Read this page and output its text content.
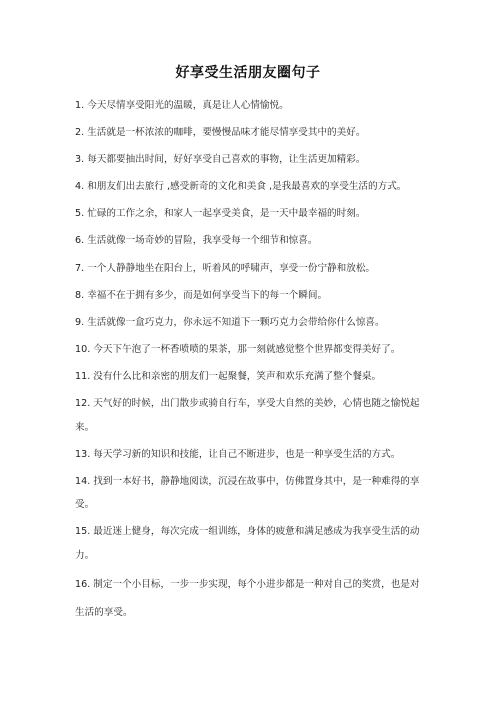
好享受生活朋友圈句子
1. 今天尽情享受阳光的温暖，真是让人心情愉悦。
2. 生活就是一杯浓浓的咖啡，要慢慢品味才能尽情享受其中的美好。
3. 每天都要抽出时间，好好享受自己喜欢的事物，让生活更加精彩。
4. 和朋友们出去旅行 ,感受新奇的文化和美食 ,是我最喜欢的享受生活的方式。
5. 忙碌的工作之余，和家人一起享受美食，是一天中最幸福的时刻。
6. 生活就像一场奇妙的冒险，我享受每一个细节和惊喜。
7. 一个人静静地坐在阳台上，听着风的呼啸声，享受一份宁静和放松。
8. 幸福不在于拥有多少，而是如何享受当下的每一个瞬间。
9. 生活就像一盒巧克力，你永远不知道下一颗巧克力会带给你什么惊喜。
10. 今天下午泡了一杯香喷喷的果茶，那一刻就感觉整个世界都变得美好了。
11. 没有什么比和亲密的朋友们一起聚餐，笑声和欢乐充满了整个餐桌。
12. 天气好的时候，出门散步或骑自行车，享受大自然的美妙，心情也随之愉悦起来。
13. 每天学习新的知识和技能，让自己不断进步，也是一种享受生活的方式。
14. 找到一本好书，静静地阅读，沉浸在故事中，仿佛置身其中，是一种难得的享受。
15. 最近迷上健身，每次完成一组训练，身体的疲惫和满足感成为我享受生活的动力。
16. 制定一个小目标，一步一步实现，每个小进步都是一种对自己的奖赏，也是对生活的享受。
